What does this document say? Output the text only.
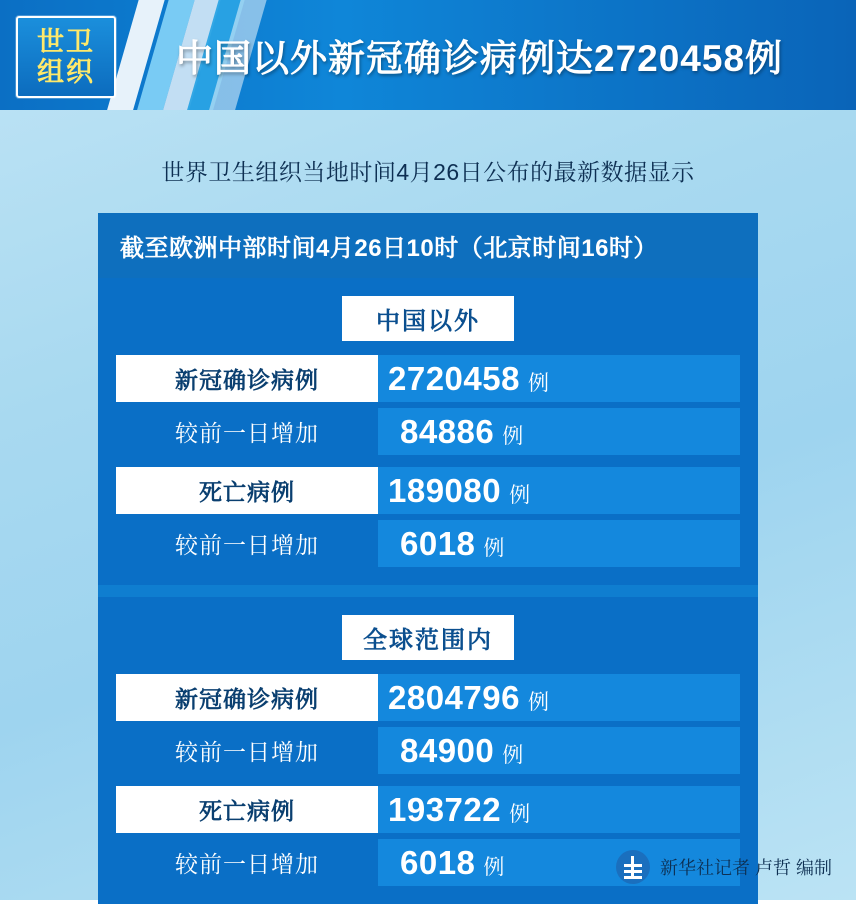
世卫
组织 中国以外新冠确诊病例达2720458例
世界卫生组织当地时间4月26日公布的最新数据显示
截至欧洲中部时间4月26日10时（北京时间16时）
中国以外
新冠确诊病例	2720458 例
较前一日增加	84886 例
死亡病例	189080 例
较前一日增加	6018 例
全球范围内
新冠确诊病例	2804796 例
较前一日增加	84900 例
死亡病例	193722 例
较前一日增加	6018 例	新华社记者 卢哲 编制
